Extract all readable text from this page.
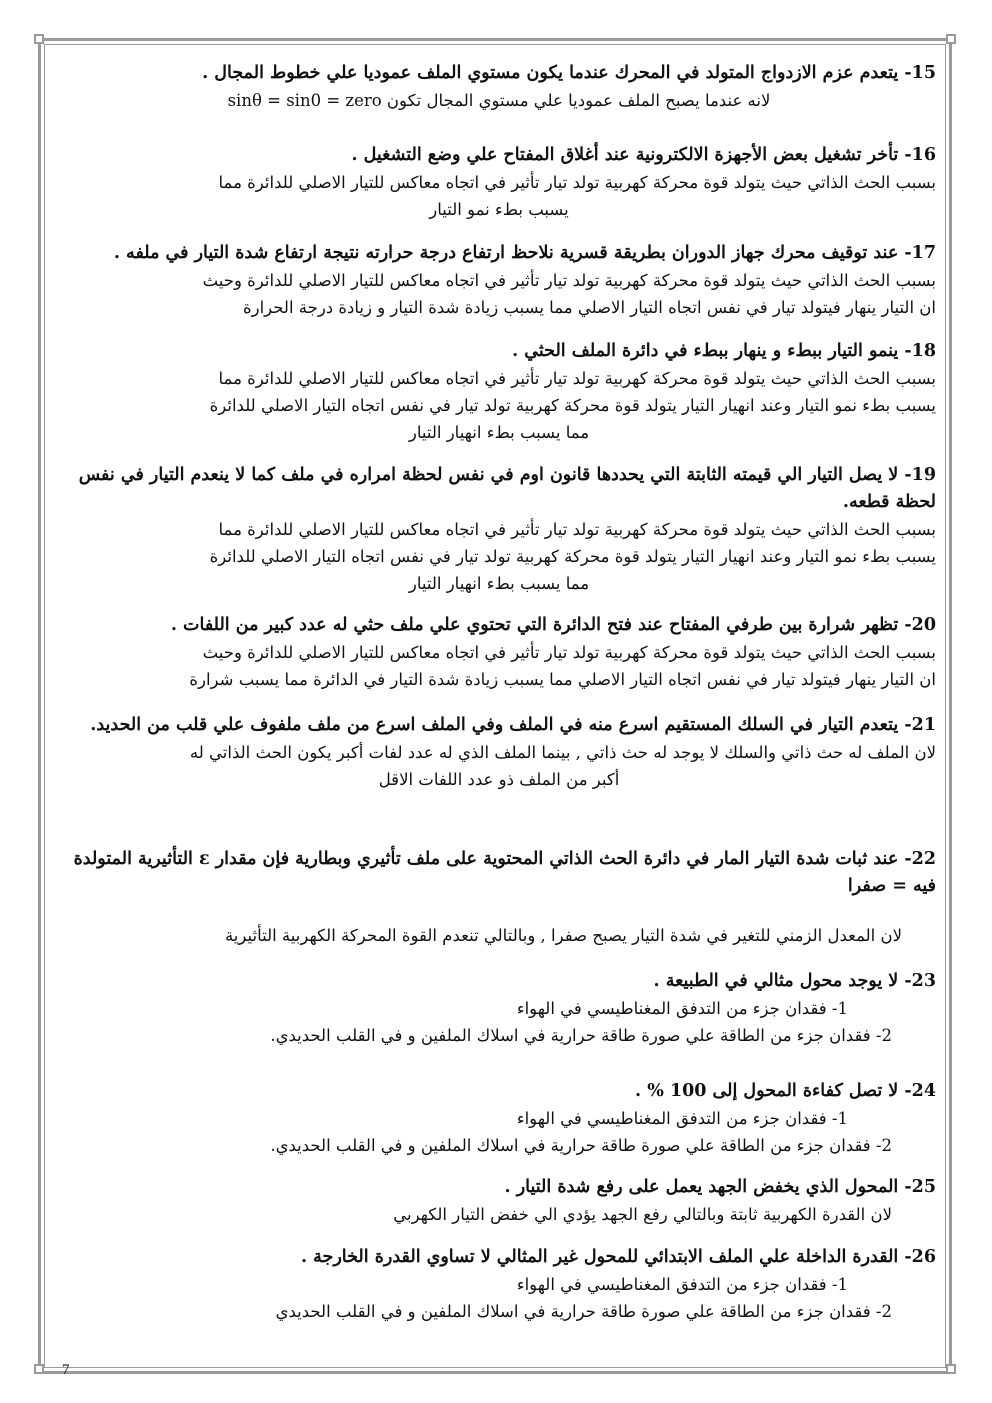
15- يتعدم عزم الازدواج المتولد في المحرك عندما يكون مستوي الملف عموديا علي خطوط المجال .

لانه عندما يصبح الملف عموديا علي مستوي المجال تكون sinθ = sin0 = zero

16- تأخر تشغيل بعض الأجهزة الالكترونية عند أغلاق المفتاح علي وضع التشغيل .

بسبب الحث الذاتي حيث يتولد قوة محركة كهربية تولد تيار تأثير في اتجاه معاكس للتيار الاصلي للدائرة مما

يسبب بطء نمو التيار

17- عند توقيف محرك جهاز الدوران بطريقة قسرية نلاحظ ارتفاع درجة حرارته نتيجة ارتفاع شدة التيار في ملفه .

بسبب الحث الذاتي حيث يتولد قوة محركة كهربية تولد تيار تأثير في اتجاه معاكس للتيار الاصلي للدائرة وحيث

ان التيار ينهار فيتولد تيار في نفس اتجاه التيار الاصلي مما يسبب زيادة شدة التيار و زيادة درجة الحرارة

18- ينمو التيار ببطء و ينهار ببطء في دائرة الملف الحثي .

بسبب الحث الذاتي حيث يتولد قوة محركة كهربية تولد تيار تأثير في اتجاه معاكس للتيار الاصلي للدائرة مما

يسبب بطء نمو التيار وعند انهيار التيار يتولد قوة محركة كهربية تولد تيار في نفس اتجاه التيار الاصلي للدائرة

مما يسبب بطء انهيار التيار

19- لا يصل التيار الي قيمته الثابتة التي يحددها قانون اوم في نفس لحظة امراره في ملف كما لا ينعدم التيار في نفس لحظة قطعه.

بسبب الحث الذاتي حيث يتولد قوة محركة كهربية تولد تيار تأثير في اتجاه معاكس للتيار الاصلي للدائرة مما

يسبب بطء نمو التيار وعند انهيار التيار يتولد قوة محركة كهربية تولد تيار في نفس اتجاه التيار الاصلي للدائرة

مما يسبب بطء انهيار التيار

20- تظهر شرارة بين طرفي المفتاح عند فتح الدائرة التي تحتوي علي ملف حثي له عدد كبير من اللفات .

بسبب الحث الذاتي حيث يتولد قوة محركة كهربية تولد تيار تأثير في اتجاه معاكس للتيار الاصلي للدائرة وحيث

ان التيار ينهار فيتولد تيار في نفس اتجاه التيار الاصلي مما يسبب زيادة شدة التيار في الدائرة مما يسبب شرارة

21- يتعدم التيار في السلك المستقيم اسرع منه في الملف وفي الملف اسرع من ملف ملفوف علي قلب من الحديد.

لان الملف له حث ذاتي والسلك لا يوجد له حث ذاتي , بينما الملف الذي له عدد لفات أكبر يكون الحث الذاتي له

أكبر من الملف ذو عدد اللفات الاقل

22- عند ثبات شدة التيار المار في دائرة الحث الذاتي المحتوية على ملف تأثيري وبطارية فإن مقدار ε التأثيرية المتولدة فيه = صفرا

لان المعدل الزمني للتغير في شدة التيار يصبح صفرا , وبالتالي تنعدم القوة المحركة الكهربية التأثيرية

23- لا يوجد محول مثالي في الطبيعة .

1- فقدان جزء من التدفق المغناطيسي في الهواء

2- فقدان جزء من الطاقة علي صورة طاقة حرارية في اسلاك الملفين و في القلب الحديدي.

24- لا تصل كفاءة المحول إلى 100 % .

1- فقدان جزء من التدفق المغناطيسي في الهواء

2- فقدان جزء من الطاقة علي صورة طاقة حرارية في اسلاك الملفين و في القلب الحديدي.

25- المحول الذي يخفض الجهد يعمل على رفع شدة التيار .

لان القدرة الكهربية ثابتة وبالتالي رفع الجهد يؤدي الي خفض التيار الكهربي

26- القدرة الداخلة علي الملف الابتدائي للمحول غير المثالي لا تساوي القدرة الخارجة .

1- فقدان جزء من التدفق المغناطيسي في الهواء

2- فقدان جزء من الطاقة علي صورة طاقة حرارية في اسلاك الملفين و في القلب الحديدي

7
